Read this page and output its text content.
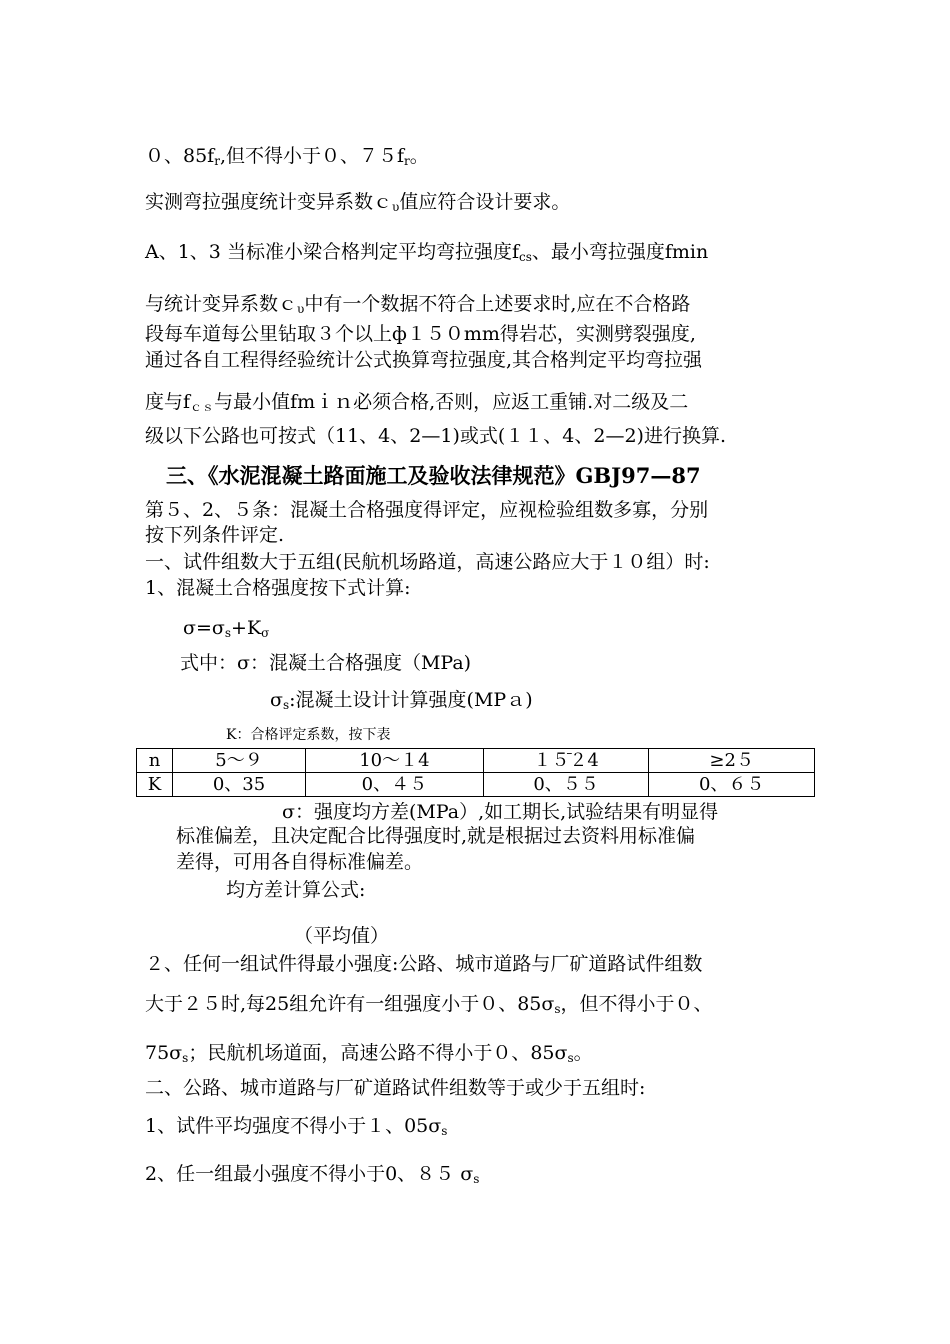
０、85fr,但不得小于０、７５fr。
实测弯拉强度统计变异系数ｃυ值应符合设计要求。
A、1、3 当标准小梁合格判定平均弯拉强度fcs、最小弯拉强度fmin
与统计变异系数ｃυ中有一个数据不符合上述要求时,应在不合格路
段每车道每公里钻取３个以上ф１５０mm得岩芯，实测劈裂强度,
通过各自工程得经验统计公式换算弯拉强度,其合格判定平均弯拉强
度与fｃｓ与最小值fmｉｎ必须合格,否则，应返工重铺.对二级及二
级以下公路也可按式（11、4、2—1)或式(１１、4、2—2)进行换算.
三、《水泥混凝土路面施工及验收法律规范》GBJ97—87
第５、2、５条：混凝土合格强度得评定，应视检验组数多寡，分别
按下列条件评定.
一、试件组数大于五组(民航机场路道，高速公路应大于１０组）时:
1、混凝土合格强度按下式计算:
σ=σs+Kσ
式中：σ：混凝土合格强度（MPa)
σs:混凝土设计计算强度(MPａ)
K：合格评定系数，按下表
n	5～９	10～１4	１５̄２4	≥2５
K	0、35	0、４５	0、５５	0、６５
σ：强度均方差(MPa）,如工期长,试验结果有明显得
标准偏差，且决定配合比得强度时,就是根据过去资料用标准偏
差得，可用各自得标准偏差。
均方差计算公式:
（平均值）
２、任何一组试件得最小强度:公路、城市道路与厂矿道路试件组数
大于２５时,每25组允许有一组强度小于０、85σs，但不得小于０、
75σs；民航机场道面，高速公路不得小于０、85σs。
二、公路、城市道路与厂矿道路试件组数等于或少于五组时:
1、试件平均强度不得小于１、05σs
2、任一组最小强度不得小于0、８５ σs
